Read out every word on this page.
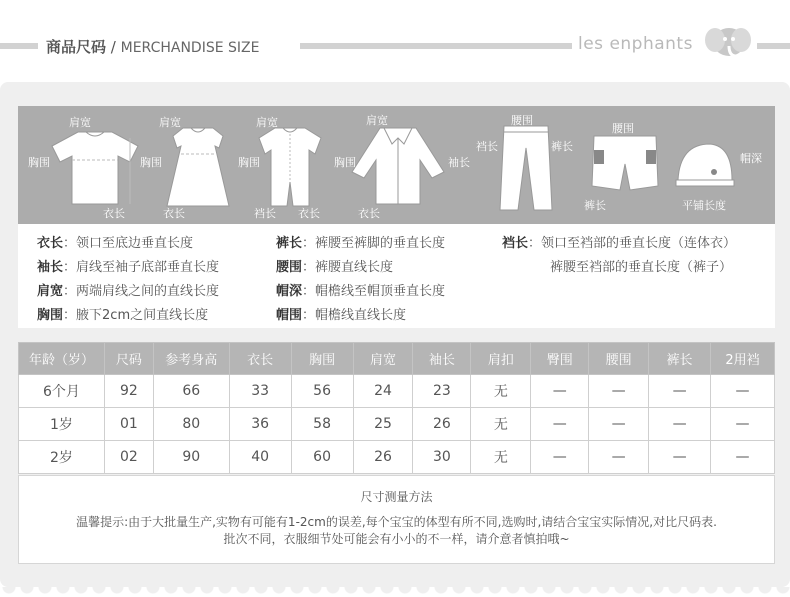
商品尺码 / MERCHANDISE SIZE	les enphants
肩宽
胸围
衣长
肩宽
胸围
衣长
肩宽
胸围
裆长 衣长
肩宽
胸围	袖长
衣长
腰围
裆长	裤长
腰围
裤长
帽深
平铺长度
衣长：领口至底边垂直长度
袖长：肩线至袖子底部垂直长度
肩宽：两端肩线之间的直线长度
胸围：腋下2cm之间直线长度
裤长：裤腰至裤脚的垂直长度
腰围：裤腰直线长度
帽深：帽檐线至帽顶垂直长度
帽围：帽檐线直线长度
裆长：领口至裆部的垂直长度（连体衣）
裤腰至裆部的垂直长度（裤子）
年龄（岁）	尺码	参考身高	衣长	胸围	肩宽	袖长	肩扣	臀围	腰围	裤长	2用裆
6个月	92	66	33	56	24	23	无	—	—	—	—
1岁	01	80	36	58	25	26	无	—	—	—	—
2岁	02	90	40	60	26	30	无	—	—	—	—
尺寸测量方法
温馨提示:由于大批量生产,实物有可能有1-2cm的误差,每个宝宝的体型有所不同,选购时,请结合宝宝实际情况,对比尺码表.
批次不同，衣服细节处可能会有小小的不一样，请介意者慎拍哦~
